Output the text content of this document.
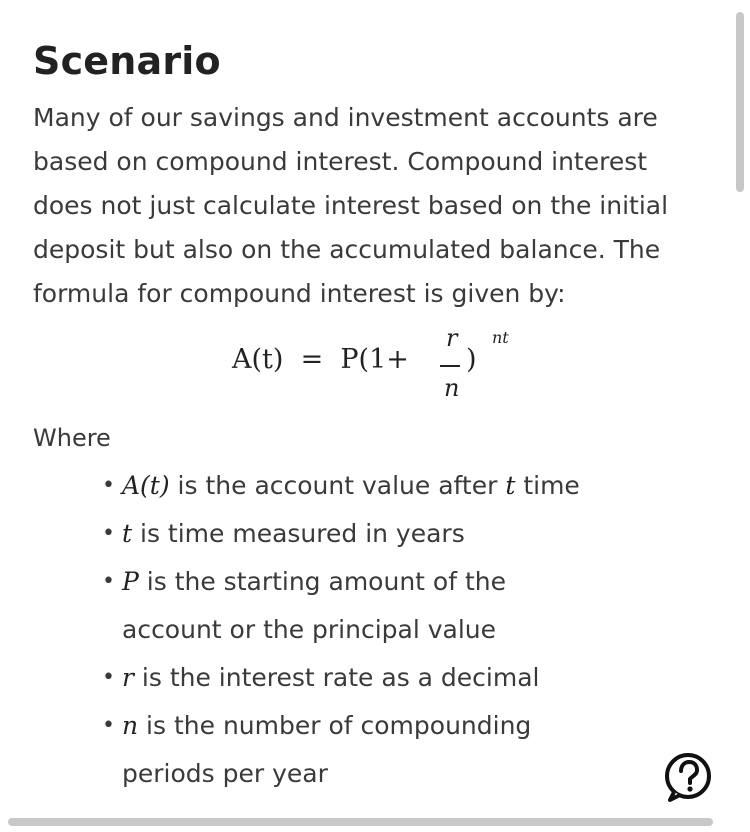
Scenario
Many of our savings and investment accounts are based on compound interest. Compound interest does not just calculate interest based on the initial deposit but also on the accumulated balance. The formula for compound interest is given by:
A(t)  =  P(1+
r
n
)
nt
Where
• A(t) is the account value after t time
• t is time measured in years
• P is the starting amount of the
account or the principal value
• r is the interest rate as a decimal
• n is the number of compounding
periods per year
